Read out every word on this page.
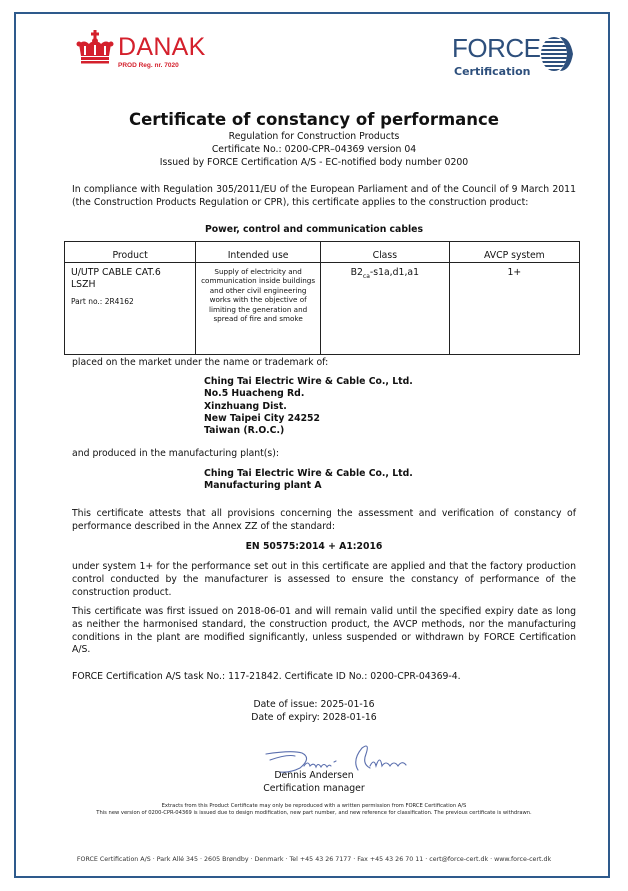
DANAK
PROD Reg. nr. 7020
FORCE
Certification
Certificate of constancy of performance
Regulation for Construction Products
Certificate No.: 0200-CPR–04369 version 04
Issued by FORCE Certification A/S - EC-notified body number 0200
In compliance with Regulation 305/2011/EU of the European Parliament and of the Council of 9 March 2011 (the Construction Products Regulation or CPR), this certificate applies to the construction product:
Power, control and communication cables
Product	Intended use	Class	AVCP system

U/UTP CABLE CAT.6
LSZH
Part no.: 2R4162	Supply of electricity and communication inside buildings and other civil engineering works with the objective of limiting the generation and spread of fire and smoke	$B2_{ca}-s1a,d1,a1$	1+
placed on the market under the name or trademark of:
Ching Tai Electric Wire & Cable Co., Ltd.
No.5 Huacheng Rd.
Xinzhuang Dist.
New Taipei City 24252
Taiwan (R.O.C.)
and produced in the manufacturing plant(s):
Ching Tai Electric Wire & Cable Co., Ltd.
Manufacturing plant A
This certificate attests that all provisions concerning the assessment and verification of constancy of performance described in the Annex ZZ of the standard:
EN 50575:2014 + A1:2016
under system 1+ for the performance set out in this certificate are applied and that the factory production control conducted by the manufacturer is assessed to ensure the constancy of performance of the construction product.
This certificate was first issued on 2018-06-01 and will remain valid until the specified expiry date as long as neither the harmonised standard, the construction product, the AVCP methods, nor the manufacturing conditions in the plant are modified significantly, unless suspended or withdrawn by FORCE Certification A/S.
FORCE Certification A/S task No.: 117-21842. Certificate ID No.: 0200-CPR-04369-4.
Date of issue: 2025-01-16
Date of expiry: 2028-01-16
Dennis Andersen
Certification manager
Extracts from this Product Certificate may only be reproduced with a written permission from FORCE Certification A/S
This new version of 0200-CPR-04369 is issued due to design modification, new part number, and new reference for classification. The previous certificate is withdrawn.
FORCE Certification A/S · Park Allé 345 · 2605 Brøndby · Denmark · Tel +45 43 26 7177 · Fax +45 43 26 70 11 · cert@force-cert.dk · www.force-cert.dk
